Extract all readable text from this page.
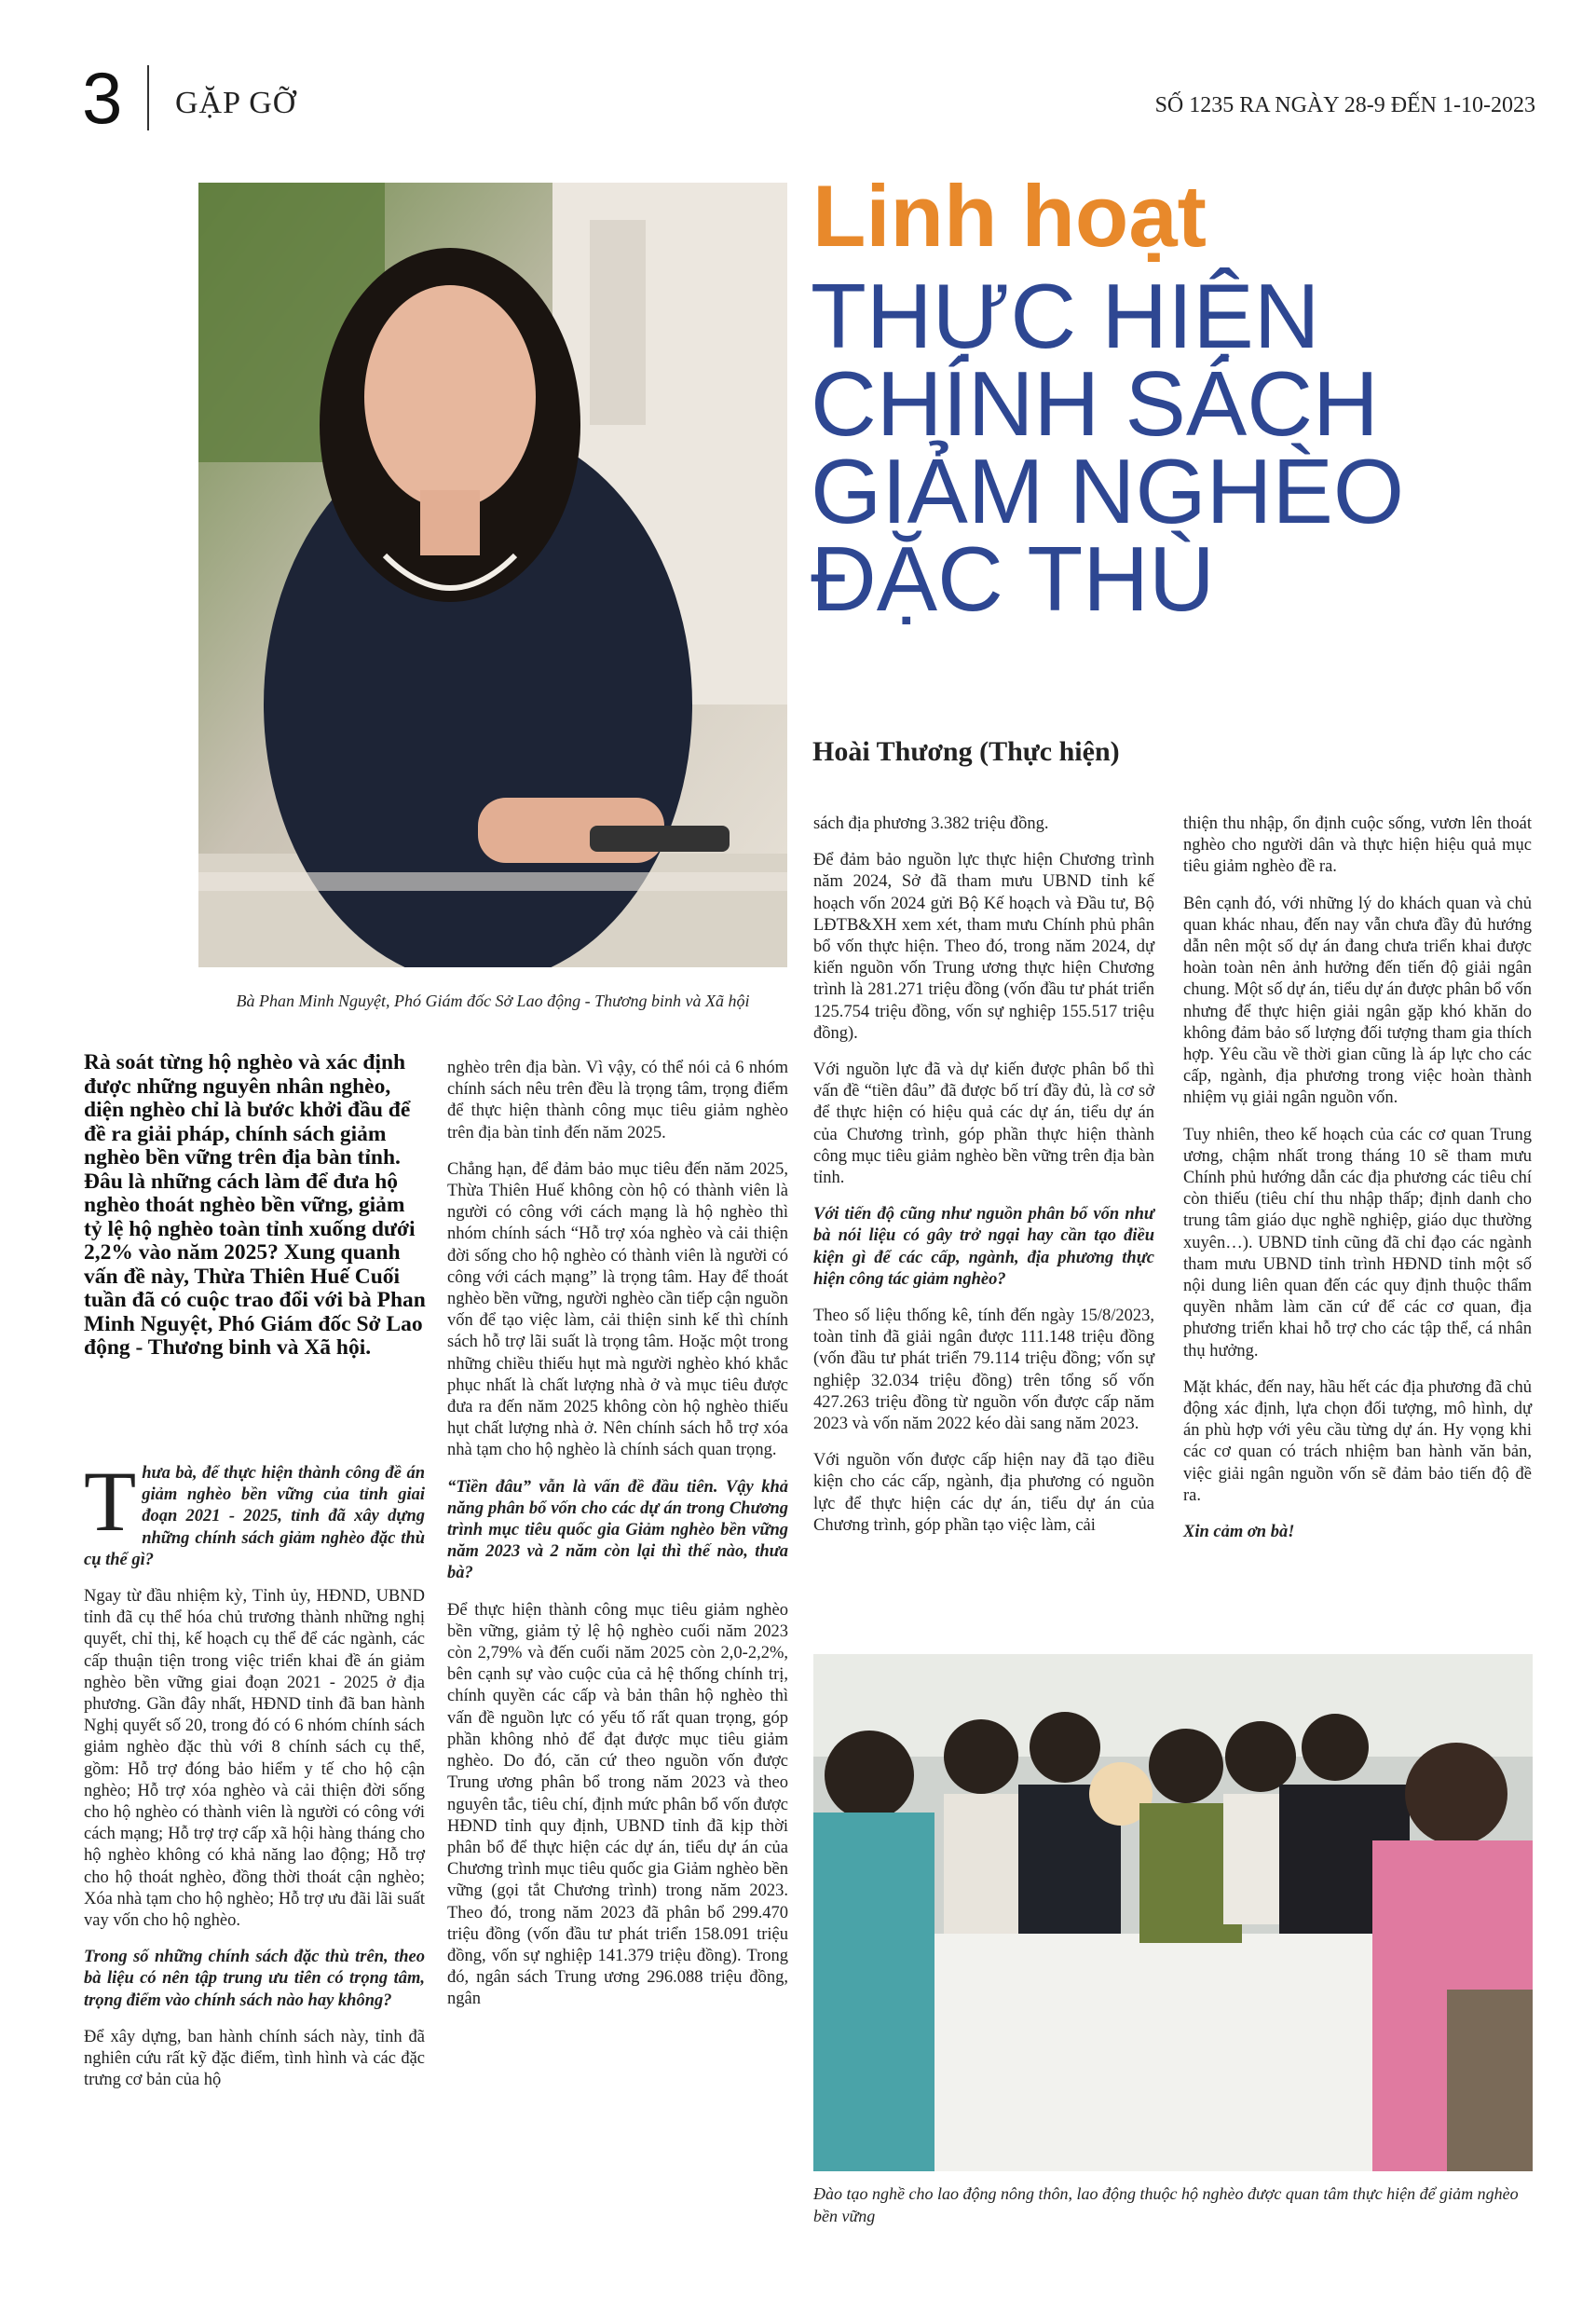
3 GẶP GỠ	SỐ 1235 RA NGÀY 28-9 ĐẾN 1-10-2023

Bà Phan Minh Nguyệt, Phó Giám đốc Sở Lao động - Thương binh và Xã hội

Linh hoạt
THỰC HIỆN
CHÍNH SÁCH
GIẢM NGHÈO
ĐẶC THÙ
Hoài Thương (Thực hiện)
Rà soát từng hộ nghèo và xác định được những nguyên nhân nghèo, diện nghèo chỉ là bước khởi đầu để đề ra giải pháp, chính sách giảm nghèo bền vững trên địa bàn tỉnh. Đâu là những cách làm để đưa hộ nghèo thoát nghèo bền vững, giảm tỷ lệ hộ nghèo toàn tỉnh xuống dưới 2,2% vào năm 2025? Xung quanh vấn đề này, Thừa Thiên Huế Cuối tuần đã có cuộc trao đổi với bà Phan Minh Nguyệt, Phó Giám đốc Sở Lao động - Thương binh và Xã hội.

Thưa bà, để thực hiện thành công đề án giảm nghèo bền vững của tỉnh giai đoạn 2021 - 2025, tỉnh đã xây dựng những chính sách giảm nghèo đặc thù cụ thể gì?

Ngay từ đầu nhiệm kỳ, Tỉnh ủy, HĐND, UBND tỉnh đã cụ thể hóa chủ trương thành những nghị quyết, chỉ thị, kế hoạch cụ thể để các ngành, các cấp thuận tiện trong việc triển khai đề án giảm nghèo bền vững giai đoạn 2021 - 2025 ở địa phương. Gần đây nhất, HĐND tỉnh đã ban hành Nghị quyết số 20, trong đó có 6 nhóm chính sách giảm nghèo đặc thù với 8 chính sách cụ thể, gồm: Hỗ trợ đóng bảo hiểm y tế cho hộ cận nghèo; Hỗ trợ xóa nghèo và cải thiện đời sống cho hộ nghèo có thành viên là người có công với cách mạng; Hỗ trợ trợ cấp xã hội hàng tháng cho hộ nghèo không có khả năng lao động; Hỗ trợ cho hộ thoát nghèo, đồng thời thoát cận nghèo; Xóa nhà tạm cho hộ nghèo; Hỗ trợ ưu đãi lãi suất vay vốn cho hộ nghèo.

Trong số những chính sách đặc thù trên, theo bà liệu có nên tập trung ưu tiên có trọng tâm, trọng điểm vào chính sách nào hay không?

Để xây dựng, ban hành chính sách này, tỉnh đã nghiên cứu rất kỹ đặc điểm, tình hình và các đặc trưng cơ bản của hộ

nghèo trên địa bàn. Vì vậy, có thể nói cả 6 nhóm chính sách nêu trên đều là trọng tâm, trọng điểm để thực hiện thành công mục tiêu giảm nghèo trên địa bàn tỉnh đến năm 2025.

Chẳng hạn, để đảm bảo mục tiêu đến năm 2025, Thừa Thiên Huế không còn hộ có thành viên là người có công với cách mạng là hộ nghèo thì nhóm chính sách “Hỗ trợ xóa nghèo và cải thiện đời sống cho hộ nghèo có thành viên là người có công với cách mạng” là trọng tâm. Hay để thoát nghèo bền vững, người nghèo cần tiếp cận nguồn vốn để tạo việc làm, cải thiện sinh kế thì chính sách hỗ trợ lãi suất là trọng tâm. Hoặc một trong những chiều thiếu hụt mà người nghèo khó khắc phục nhất là chất lượng nhà ở và mục tiêu được đưa ra đến năm 2025 không còn hộ nghèo thiếu hụt chất lượng nhà ở. Nên chính sách hỗ trợ xóa nhà tạm cho hộ nghèo là chính sách quan trọng.

“Tiền đâu” vẫn là vấn đề đầu tiên. Vậy khả năng phân bổ vốn cho các dự án trong Chương trình mục tiêu quốc gia Giảm nghèo bền vững năm 2023 và 2 năm còn lại thì thế nào, thưa bà?

Để thực hiện thành công mục tiêu giảm nghèo bền vững, giảm tỷ lệ hộ nghèo cuối năm 2023 còn 2,79% và đến cuối năm 2025 còn 2,0-2,2%, bên cạnh sự vào cuộc của cả hệ thống chính trị, chính quyền các cấp và bản thân hộ nghèo thì vấn đề nguồn lực có yếu tố rất quan trọng, góp phần không nhỏ để đạt được mục tiêu giảm nghèo. Do đó, căn cứ theo nguồn vốn được Trung ương phân bổ trong năm 2023 và theo nguyên tắc, tiêu chí, định mức phân bổ vốn được HĐND tỉnh quy định, UBND tỉnh đã kịp thời phân bổ để thực hiện các dự án, tiểu dự án của Chương trình mục tiêu quốc gia Giảm nghèo bền vững (gọi tắt Chương trình) trong năm 2023. Theo đó, trong năm 2023 đã phân bổ 299.470 triệu đồng (vốn đầu tư phát triển 158.091 triệu đồng, vốn sự nghiệp 141.379 triệu đồng). Trong đó, ngân sách Trung ương 296.088 triệu đồng, ngân

sách địa phương 3.382 triệu đồng.

Để đảm bảo nguồn lực thực hiện Chương trình năm 2024, Sở đã tham mưu UBND tỉnh kế hoạch vốn 2024 gửi Bộ Kế hoạch và Đầu tư, Bộ LĐTB&XH xem xét, tham mưu Chính phủ phân bổ vốn thực hiện. Theo đó, trong năm 2024, dự kiến nguồn vốn Trung ương thực hiện Chương trình là 281.271 triệu đồng (vốn đầu tư phát triển 125.754 triệu đồng, vốn sự nghiệp 155.517 triệu đồng).

Với nguồn lực đã và dự kiến được phân bổ thì vấn đề “tiền đâu” đã được bố trí đầy đủ, là cơ sở để thực hiện có hiệu quả các dự án, tiểu dự án của Chương trình, góp phần thực hiện thành công mục tiêu giảm nghèo bền vững trên địa bàn tỉnh.

Với tiến độ cũng như nguồn phân bổ vốn như bà nói liệu có gây trở ngại hay cần tạo điều kiện gì để các cấp, ngành, địa phương thực hiện công tác giảm nghèo?

Theo số liệu thống kê, tính đến ngày 15/8/2023, toàn tỉnh đã giải ngân được 111.148 triệu đồng (vốn đầu tư phát triển 79.114 triệu đồng; vốn sự nghiệp 32.034 triệu đồng) trên tổng số vốn 427.263 triệu đồng từ nguồn vốn được cấp năm 2023 và vốn năm 2022 kéo dài sang năm 2023.

Với nguồn vốn được cấp hiện nay đã tạo điều kiện cho các cấp, ngành, địa phương có nguồn lực để thực hiện các dự án, tiểu dự án của Chương trình, góp phần tạo việc làm, cải

thiện thu nhập, ổn định cuộc sống, vươn lên thoát nghèo cho người dân và thực hiện hiệu quả mục tiêu giảm nghèo đề ra.

Bên cạnh đó, với những lý do khách quan và chủ quan khác nhau, đến nay vẫn chưa đầy đủ hướng dẫn nên một số dự án đang chưa triển khai được hoàn toàn nên ảnh hưởng đến tiến độ giải ngân chung. Một số dự án, tiểu dự án được phân bổ vốn nhưng để thực hiện giải ngân gặp khó khăn do không đảm bảo số lượng đối tượng tham gia thích hợp. Yêu cầu về thời gian cũng là áp lực cho các cấp, ngành, địa phương trong việc hoàn thành nhiệm vụ giải ngân nguồn vốn.

Tuy nhiên, theo kế hoạch của các cơ quan Trung ương, chậm nhất trong tháng 10 sẽ tham mưu Chính phủ hướng dẫn các địa phương các tiêu chí còn thiếu (tiêu chí thu nhập thấp; định danh cho trung tâm giáo dục nghề nghiệp, giáo dục thường xuyên…). UBND tỉnh cũng đã chỉ đạo các ngành tham mưu UBND tỉnh trình HĐND tỉnh một số nội dung liên quan đến các quy định thuộc thẩm quyền nhằm làm căn cứ để các cơ quan, địa phương triển khai hỗ trợ cho các tập thể, cá nhân thụ hưởng.

Mặt khác, đến nay, hầu hết các địa phương đã chủ động xác định, lựa chọn đối tượng, mô hình, dự án phù hợp với yêu cầu từng dự án. Hy vọng khi các cơ quan có trách nhiệm ban hành văn bản, việc giải ngân nguồn vốn sẽ đảm bảo tiến độ đề ra.

Xin cảm ơn bà!

Đào tạo nghề cho lao động nông thôn, lao động thuộc hộ nghèo được quan tâm thực hiện để giảm nghèo bền vững
